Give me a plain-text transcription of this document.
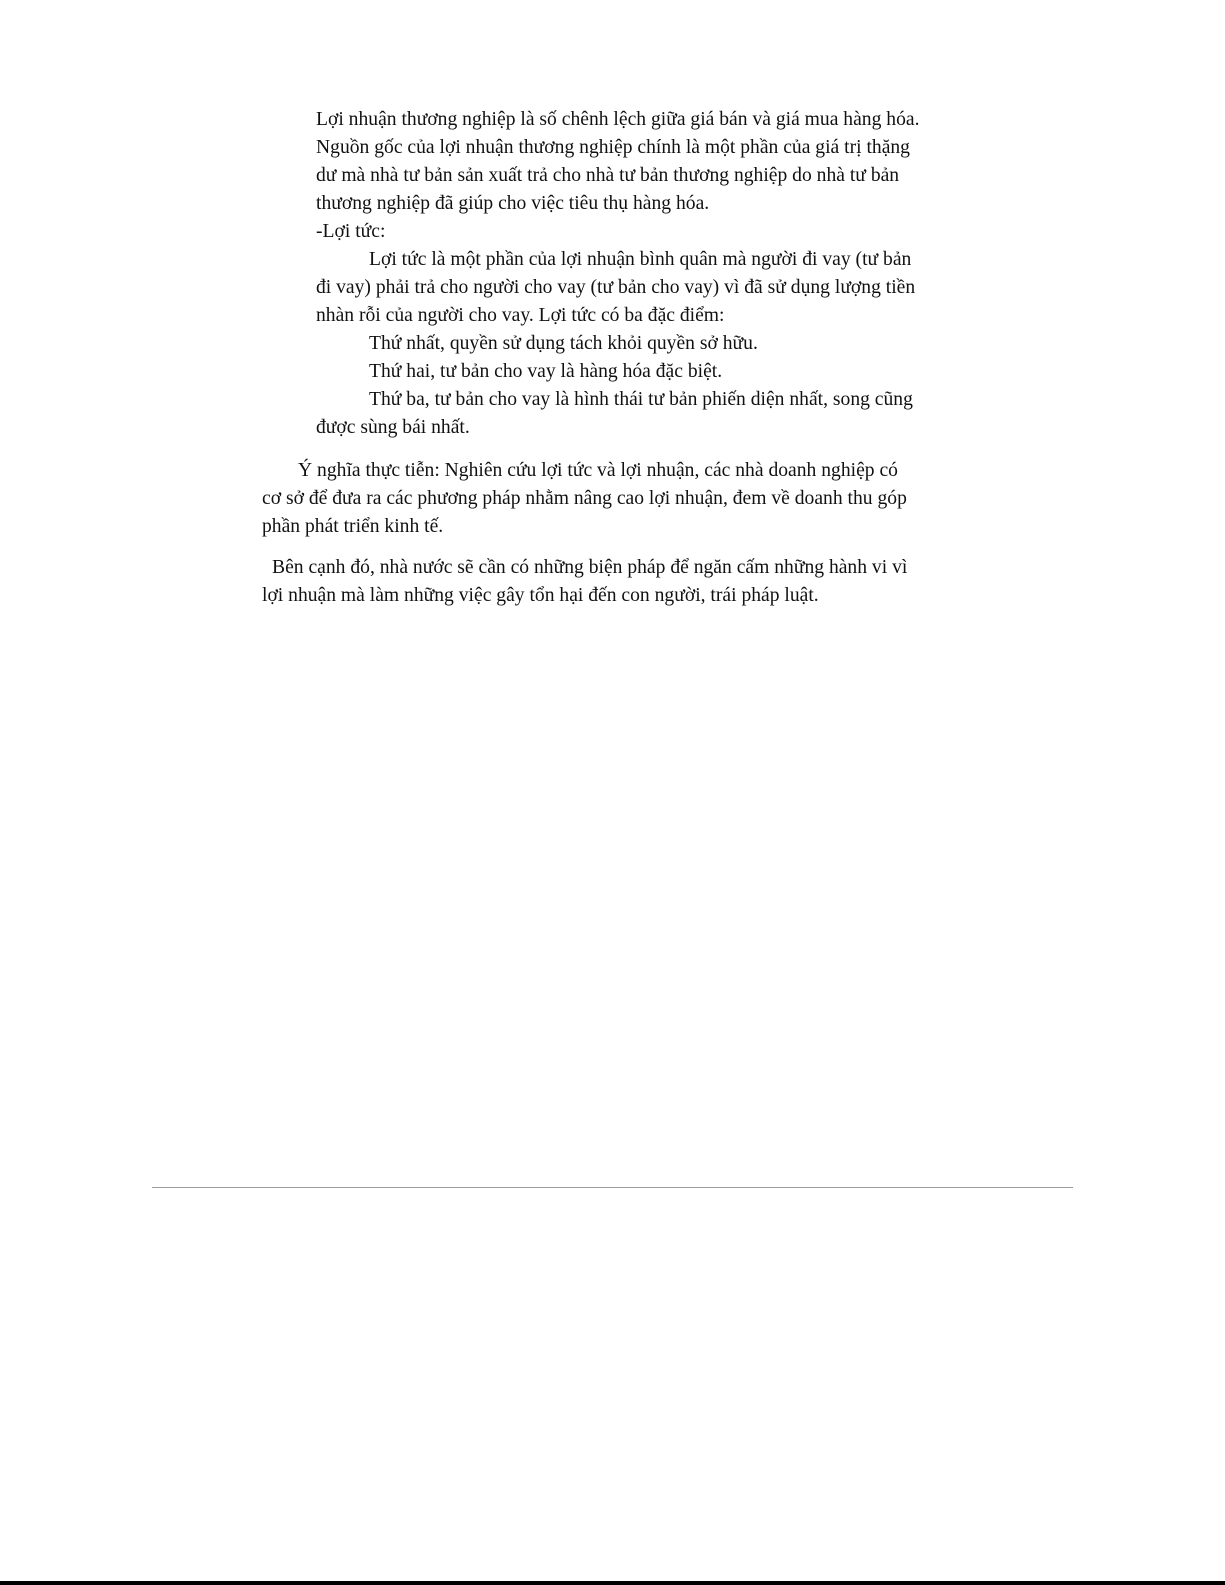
Lợi nhuận thương nghiệp là số chênh lệch giữa giá bán và giá mua hàng hóa.

Nguồn gốc của lợi nhuận thương nghiệp chính là một phần của giá trị thặng

dư mà nhà tư bản sản xuất trả cho nhà tư bản thương nghiệp do nhà tư bản

thương nghiệp đã giúp cho việc tiêu thụ hàng hóa.

-Lợi tức:

Lợi tức là một phần của lợi nhuận bình quân mà người đi vay (tư bản

đi vay) phải trả cho người cho vay (tư bản cho vay) vì đã sử dụng lượng tiền

nhàn rỗi của người cho vay. Lợi tức có ba đặc điểm:

Thứ nhất, quyền sử dụng tách khỏi quyền sở hữu.

Thứ hai, tư bản cho vay là hàng hóa đặc biệt.

Thứ ba, tư bản cho vay là hình thái tư bản phiến diện nhất, song cũng

được sùng bái nhất.

Ý nghĩa thực tiễn: Nghiên cứu lợi tức và lợi nhuận, các nhà doanh nghiệp có

cơ sở để đưa ra các phương pháp nhằm nâng cao lợi nhuận, đem về doanh thu góp

phần phát triển kinh tế.

Bên cạnh đó, nhà nước sẽ cần có những biện pháp để ngăn cấm những hành vi vì

lợi nhuận mà làm những việc gây tổn hại đến con người, trái pháp luật.
